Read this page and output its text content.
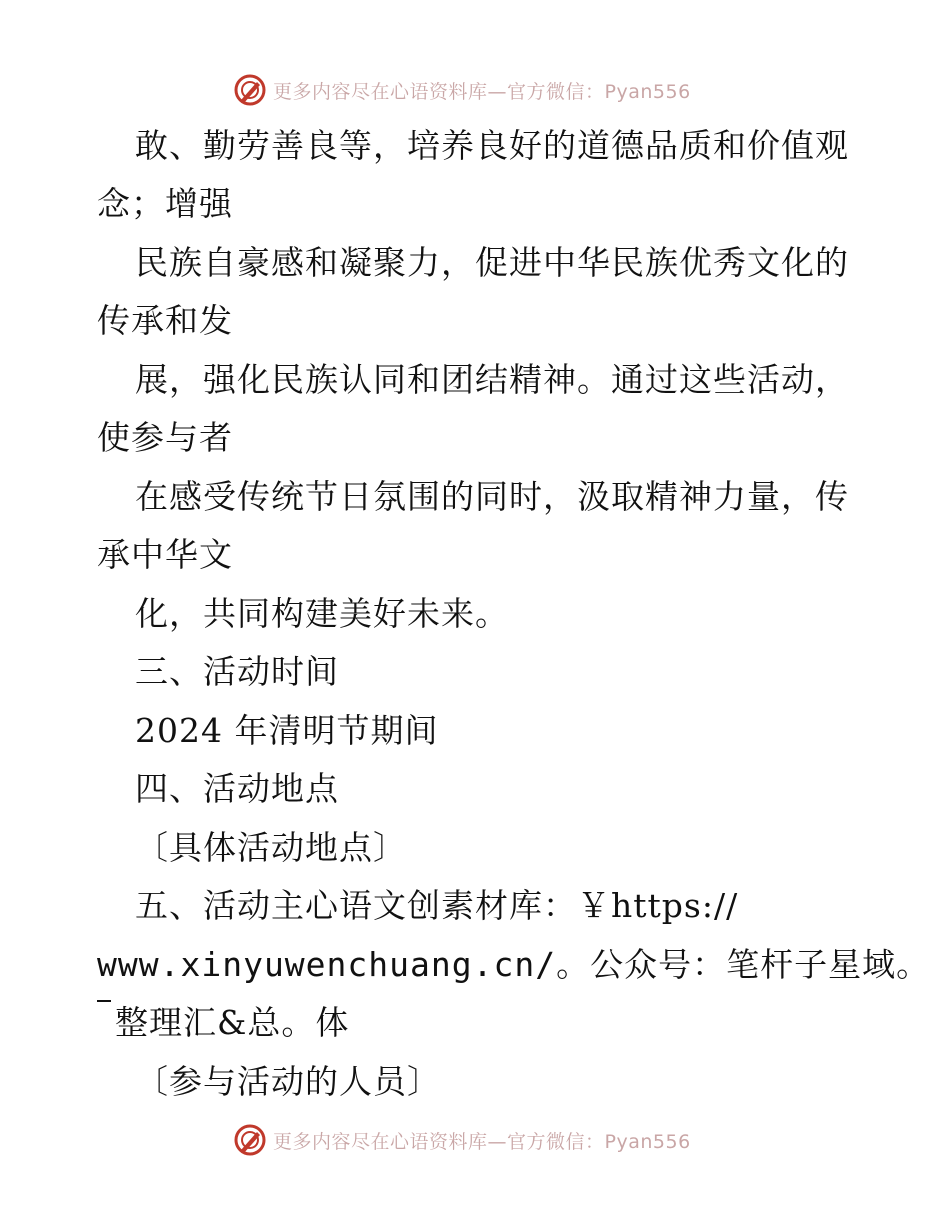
更多内容尽在心语资料库—官方微信：Pyan556
敢、勤劳善良等，培养良好的道德品质和价值观
念；增强
民族自豪感和凝聚力，促进中华民族优秀文化的
传承和发
展，强化民族认同和团结精神。通过这些活动，
使参与者
在感受传统节日氛围的同时，汲取精神力量，传
承中华文
化，共同构建美好未来。
三、活动时间
2024 年清明节期间
四、活动地点
〔具体活动地点〕
五、活动主心语文创素材库：￥https://
www.xinyuwenchuang.cn/。公众号：笔杆子星域。
整理汇&总。体
〔参与活动的人员〕
更多内容尽在心语资料库—官方微信：Pyan556
